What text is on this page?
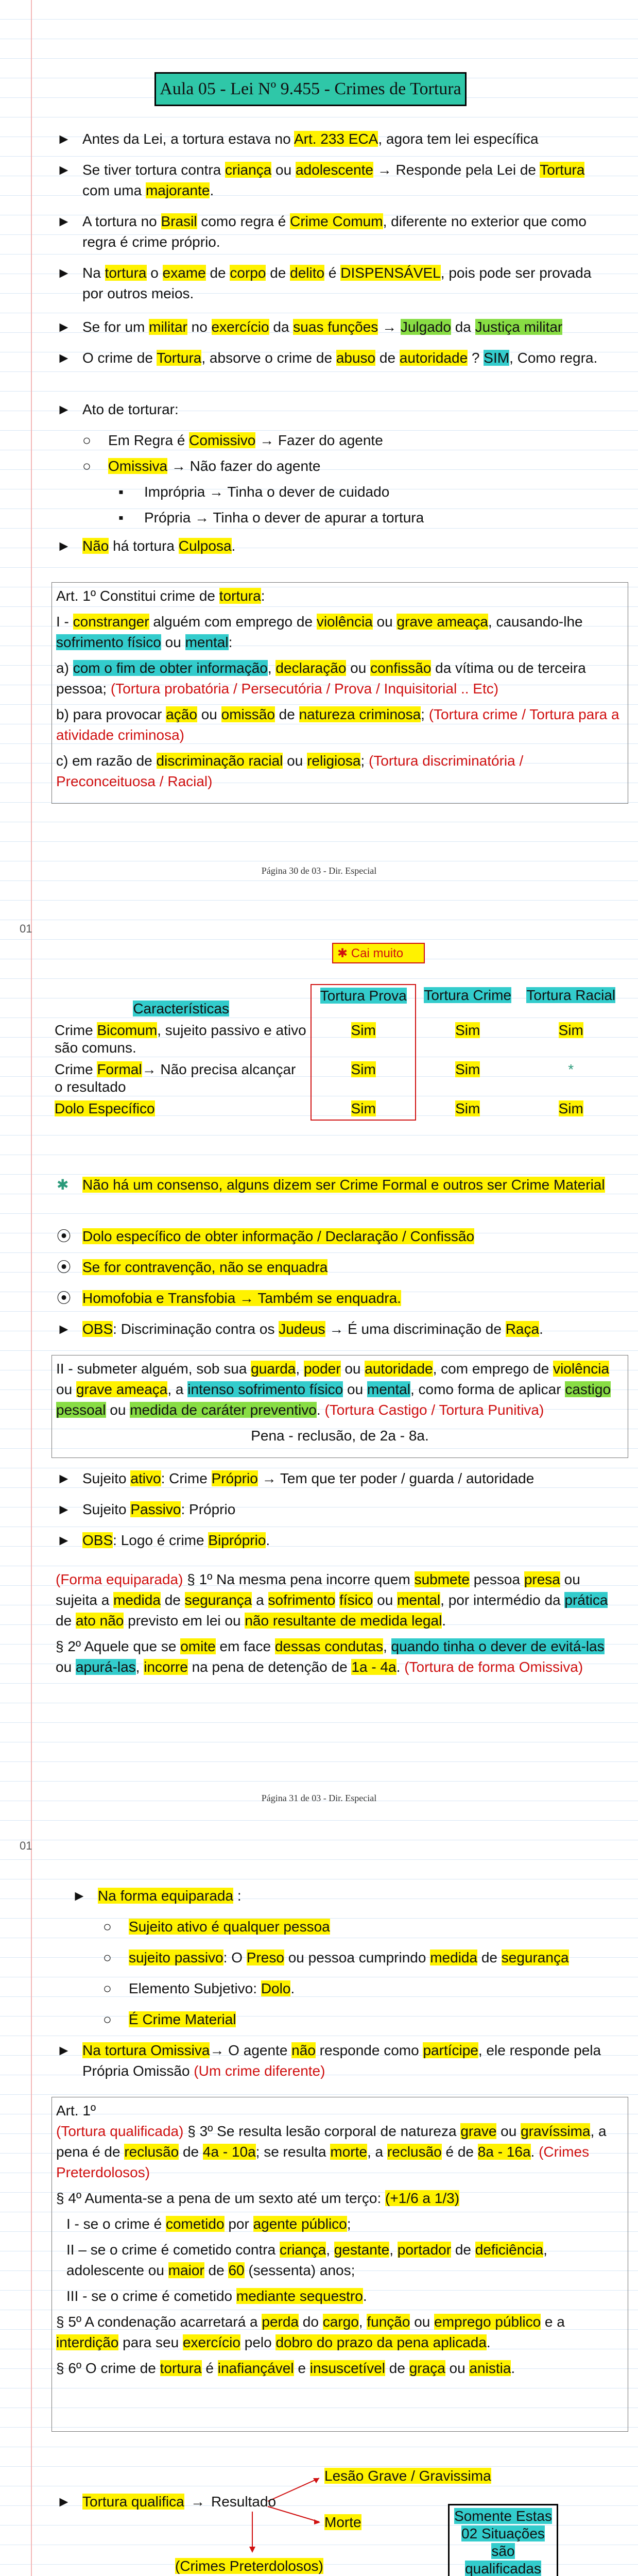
Aula 05 - Lei Nº 9.455 - Crimes de Tortura
► Antes da Lei, a tortura estava no Art. 233 ECA, agora tem lei específica
► Se tiver tortura contra criança ou adolescente → Responde pela Lei de Tortura com uma majorante.
► A tortura no Brasil como regra é Crime Comum, diferente no exterior que como regra é crime próprio.
► Na tortura o exame de corpo de delito é DISPENSÁVEL, pois pode ser provada por outros meios.
► Se for um militar no exercício da suas funções → Julgado da Justiça militar
► O crime de Tortura, absorve o crime de abuso de autoridade ? SIM, Como regra.
► Ato de torturar:
○ Em Regra é Comissivo → Fazer do agente
○ Omissiva → Não fazer do agente
▪ Imprópria → Tinha o dever de cuidado
▪ Própria → Tinha o dever de apurar a tortura
► Não há tortura Culposa.

Art. 1º Constitui crime de tortura:

I - constranger alguém com emprego de violência ou grave ameaça, causando-lhe sofrimento físico ou mental:

a) com o fim de obter informação, declaração ou confissão da vítima ou de terceira pessoa; (Tortura probatória / Persecutória / Prova / Inquisitorial .. Etc)

b) para provocar ação ou omissão de natureza criminosa; (Tortura crime / Tortura para a atividade criminosa)

c) em razão de discriminação racial ou religiosa; (Tortura discriminatória / Preconceituosa / Racial)

Página 30 de 03 - Dir. Especial
01
✱ Cai muito
Características	Tortura Prova	Tortura Crime	Tortura Racial
Crime Bicomum, sujeito passivo e ativo são comuns.	Sim	Sim	Sim
Crime Formal→ Não precisa alcançar o resultado	Sim	Sim	*
Dolo Específico	Sim	Sim	Sim
✱ Não há um consenso, alguns dizem ser Crime Formal e outros ser Crime Material
⦿ Dolo específico de obter informação / Declaração / Confissão
⦿ Se for contravenção, não se enquadra
⦿ Homofobia e Transfobia → Também se enquadra.
► OBS: Discriminação contra os Judeus → É uma discriminação de Raça.

II - submeter alguém, sob sua guarda, poder ou autoridade, com emprego de violência ou grave ameaça, a intenso sofrimento físico ou mental, como forma de aplicar castigo pessoal ou medida de caráter preventivo. (Tortura Castigo / Tortura Punitiva)

Pena - reclusão, de 2a - 8a.

► Sujeito ativo: Crime Próprio → Tem que ter poder / guarda / autoridade
► Sujeito Passivo: Próprio
► OBS: Logo é crime Bipróprio.

(Forma equiparada) § 1º Na mesma pena incorre quem submete pessoa presa ou sujeita a medida de segurança a sofrimento físico ou mental, por intermédio da prática de ato não previsto em lei ou não resultante de medida legal.

§ 2º Aquele que se omite em face dessas condutas, quando tinha o dever de evitá-las ou apurá-las, incorre na pena de detenção de 1a - 4a. (Tortura de forma Omissiva)

Página 31 de 03 - Dir. Especial
01
► Na forma equiparada :
○ Sujeito ativo é qualquer pessoa
○ sujeito passivo: O Preso ou pessoa cumprindo medida de segurança
○ Elemento Subjetivo: Dolo.
○ É Crime Material
► Na tortura Omissiva→ O agente não responde como partícipe, ele responde pela Própria Omissão (Um crime diferente)

Art. 1º

(Tortura qualificada) § 3º Se resulta lesão corporal de natureza grave ou gravíssima, a pena é de reclusão de 4a - 10a; se resulta morte, a reclusão é de 8a - 16a. (Crimes Preterdolosos)

§ 4º Aumenta-se a pena de um sexto até um terço: (+1/6 a 1/3)

I - se o crime é cometido por agente público;

II – se o crime é cometido contra criança, gestante, portador de deficiência, adolescente ou maior de 60 (sessenta) anos;

III - se o crime é cometido mediante sequestro.

§ 5º A condenação acarretará a perda do cargo, função ou emprego público e a interdição para seu exercício pelo dobro do prazo da pena aplicada.

§ 6º O crime de tortura é inafiançável e insuscetível de graça ou anistia.

► Tortura qualifica → Resultado
Lesão Grave / Gravissima
Morte
(Crimes Preterdolosos)
Somente Estas 02 Situações são qualificadas
